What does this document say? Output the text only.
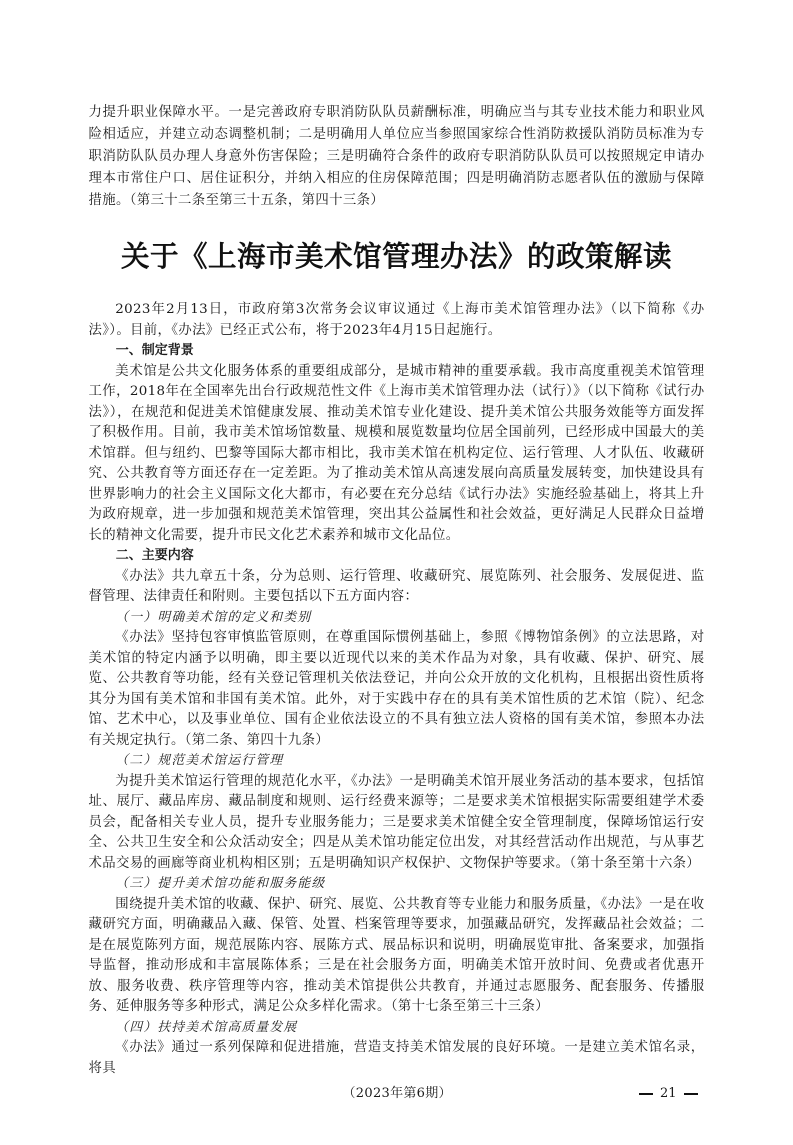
力提升职业保障水平。一是完善政府专职消防队队员薪酬标准，明确应当与其专业技术能力和职业风险相适应，并建立动态调整机制；二是明确用人单位应当参照国家综合性消防救援队消防员标准为专职消防队队员办理人身意外伤害保险；三是明确符合条件的政府专职消防队队员可以按照规定申请办理本市常住户口、居住证积分，并纳入相应的住房保障范围；四是明确消防志愿者队伍的激励与保障措施。（第三十二条至第三十五条，第四十三条）

关于《上海市美术馆管理办法》的政策解读

2023年2月13日，市政府第3次常务会议审议通过《上海市美术馆管理办法》（以下简称《办法》）。目前，《办法》已经正式公布，将于2023年4月15日起施行。

一、制定背景

美术馆是公共文化服务体系的重要组成部分，是城市精神的重要承载。我市高度重视美术馆管理工作，2018年在全国率先出台行政规范性文件《上海市美术馆管理办法（试行）》（以下简称《试行办法》），在规范和促进美术馆健康发展、推动美术馆专业化建设、提升美术馆公共服务效能等方面发挥了积极作用。目前，我市美术馆场馆数量、规模和展览数量均位居全国前列，已经形成中国最大的美术馆群。但与纽约、巴黎等国际大都市相比，我市美术馆在机构定位、运行管理、人才队伍、收藏研究、公共教育等方面还存在一定差距。为了推动美术馆从高速发展向高质量发展转变，加快建设具有世界影响力的社会主义国际文化大都市，有必要在充分总结《试行办法》实施经验基础上，将其上升为政府规章，进一步加强和规范美术馆管理，突出其公益属性和社会效益，更好满足人民群众日益增长的精神文化需要，提升市民文化艺术素养和城市文化品位。

二、主要内容

《办法》共九章五十条，分为总则、运行管理、收藏研究、展览陈列、社会服务、发展促进、监督管理、法律责任和附则。主要包括以下五方面内容：

（一）明确美术馆的定义和类别

《办法》坚持包容审慎监管原则，在尊重国际惯例基础上，参照《博物馆条例》的立法思路，对美术馆的特定内涵予以明确，即主要以近现代以来的美术作品为对象，具有收藏、保护、研究、展览、公共教育等功能，经有关登记管理机关依法登记，并向公众开放的文化机构，且根据出资性质将其分为国有美术馆和非国有美术馆。此外，对于实践中存在的具有美术馆性质的艺术馆（院）、纪念馆、艺术中心，以及事业单位、国有企业依法设立的不具有独立法人资格的国有美术馆，参照本办法有关规定执行。（第二条、第四十九条）

（二）规范美术馆运行管理

为提升美术馆运行管理的规范化水平，《办法》一是明确美术馆开展业务活动的基本要求，包括馆址、展厅、藏品库房、藏品制度和规则、运行经费来源等；二是要求美术馆根据实际需要组建学术委员会，配备相关专业人员，提升专业服务能力；三是要求美术馆健全安全管理制度，保障场馆运行安全、公共卫生安全和公众活动安全；四是从美术馆功能定位出发，对其经营活动作出规范，与从事艺术品交易的画廊等商业机构相区别；五是明确知识产权保护、文物保护等要求。（第十条至第十六条）

（三）提升美术馆功能和服务能级

围绕提升美术馆的收藏、保护、研究、展览、公共教育等专业能力和服务质量，《办法》一是在收藏研究方面，明确藏品入藏、保管、处置、档案管理等要求，加强藏品研究，发挥藏品社会效益；二是在展览陈列方面，规范展陈内容、展陈方式、展品标识和说明，明确展览审批、备案要求，加强指导监督，推动形成和丰富展陈体系；三是在社会服务方面，明确美术馆开放时间、免费或者优惠开放、服务收费、秩序管理等内容，推动美术馆提供公共教育，并通过志愿服务、配套服务、传播服务、延伸服务等多种形式，满足公众多样化需求。（第十七条至第三十三条）

（四）扶持美术馆高质量发展

《办法》通过一系列保障和促进措施，营造支持美术馆发展的良好环境。一是建立美术馆名录，将具

（2023年第6期）	21
